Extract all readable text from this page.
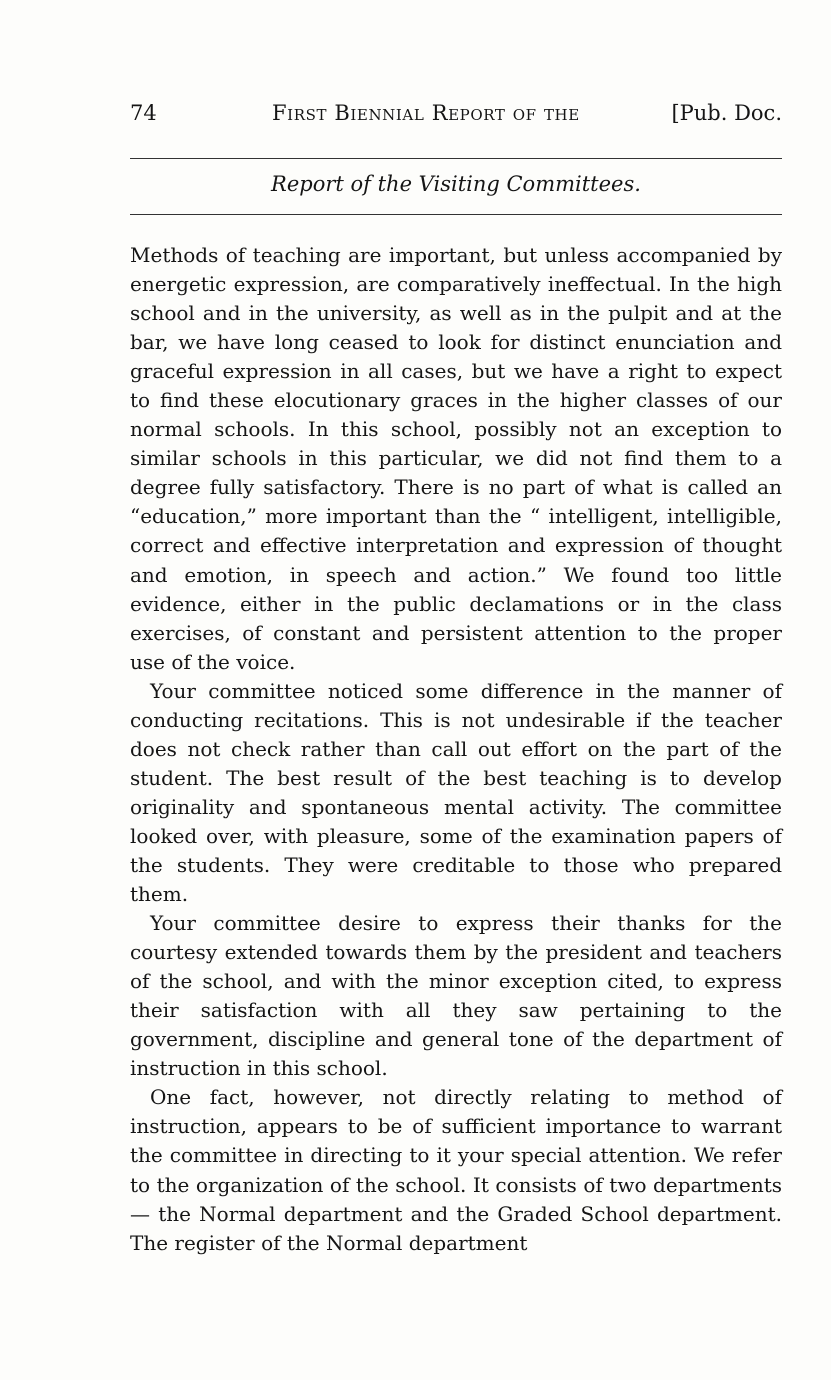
74	First Biennial Report of the	[Pub. Doc.
Report of the Visiting Committees.

Methods of teaching are important, but unless accompanied by energetic expression, are comparatively ineffectual. In the high school and in the university, as well as in the pulpit and at the bar, we have long ceased to look for distinct enunciation and graceful expression in all cases, but we have a right to expect to find these elocutionary graces in the higher classes of our normal schools. In this school, possibly not an exception to similar schools in this particular, we did not find them to a degree fully satisfactory. There is no part of what is called an “education,” more important than the “ intelligent, intelligible, correct and effective interpretation and expression of thought and emotion, in speech and action.” We found too little evidence, either in the public declamations or in the class exercises, of constant and persistent attention to the proper use of the voice.

Your committee noticed some difference in the manner of conducting recitations. This is not undesirable if the teacher does not check rather than call out effort on the part of the student. The best result of the best teaching is to develop originality and spontaneous mental activity. The committee looked over, with pleasure, some of the examination papers of the students. They were creditable to those who prepared them.

Your committee desire to express their thanks for the courtesy extended towards them by the president and teachers of the school, and with the minor exception cited, to express their satisfaction with all they saw pertaining to the government, discipline and general tone of the department of instruction in this school.

One fact, however, not directly relating to method of instruction, appears to be of sufficient importance to warrant the committee in directing to it your special attention. We refer to the organization of the school. It consists of two departments — the Normal department and the Graded School department. The register of the Normal department
